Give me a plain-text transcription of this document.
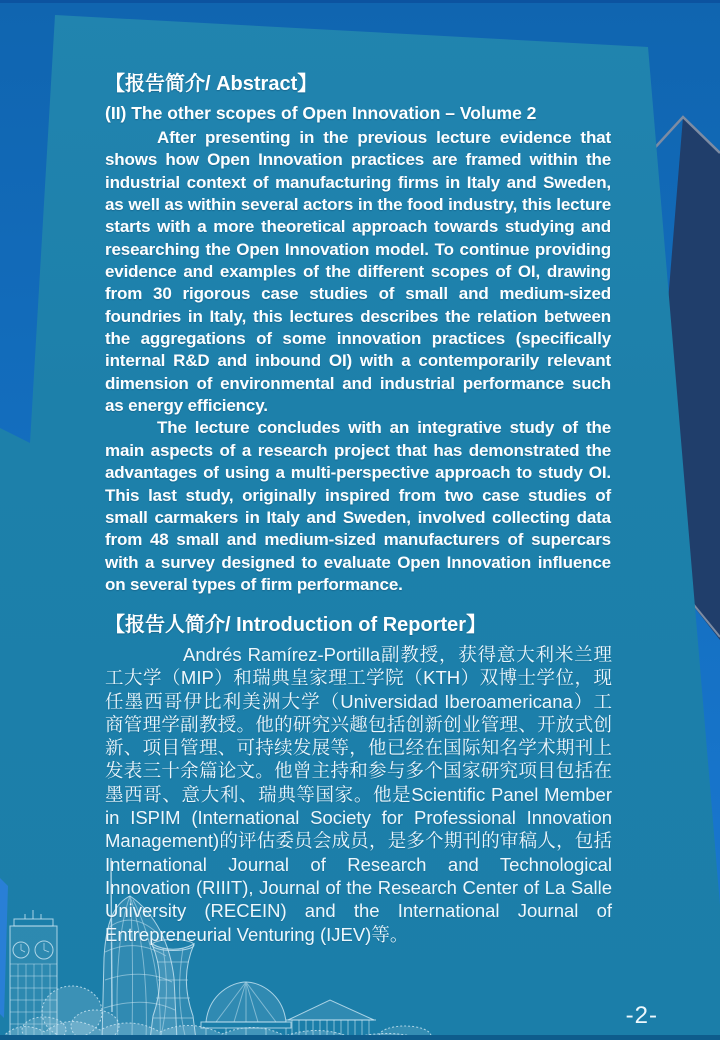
【报告简介/ Abstract】
(II) The other scopes of Open Innovation – Volume 2

After presenting in the previous lecture evidence that shows how Open Innovation practices are framed within the industrial context of manufacturing firms in Italy and Sweden, as well as within several actors in the food industry, this lecture starts with a more theoretical approach towards studying and researching the Open Innovation model. To continue providing evidence and examples of the different scopes of OI, drawing from 30 rigorous case studies of small and medium-sized foundries in Italy, this lectures describes the relation between the aggregations of some innovation practices (specifically internal R&D and inbound OI) with a contemporarily relevant dimension of environmental and industrial performance such as energy efficiency.

The lecture concludes with an integrative study of the main aspects of a research project that has demonstrated the advantages of using a multi-perspective approach to study OI. This last study, originally inspired from two case studies of small carmakers in Italy and Sweden, involved collecting data from 48 small and medium-sized manufacturers of supercars with a survey designed to evaluate Open Innovation influence on several types of firm performance.

【报告人简介/ Introduction of Reporter】

Andrés Ramírez-Portilla副教授，获得意大利米兰理工大学（MIP）和瑞典皇家理工学院（KTH）双博士学位，现任墨西哥伊比利美洲大学（Universidad Iberoamericana）工商管理学副教授。他的研究兴趣包括创新创业管理、开放式创新、项目管理、可持续发展等，他已经在国际知名学术期刊上发表三十余篇论文。他曾主持和参与多个国家研究项目包括在墨西哥、意大利、瑞典等国家。他是Scientific Panel Member in ISPIM (International Society for Professional Innovation Management)的评估委员会成员，是多个期刊的审稿人，包括International Journal of Research and Technological Innovation (RIIIT), Journal of the Research Center of La Salle University (RECEIN) and the International Journal of Entrepreneurial Venturing (IJEV)等。

-2-
